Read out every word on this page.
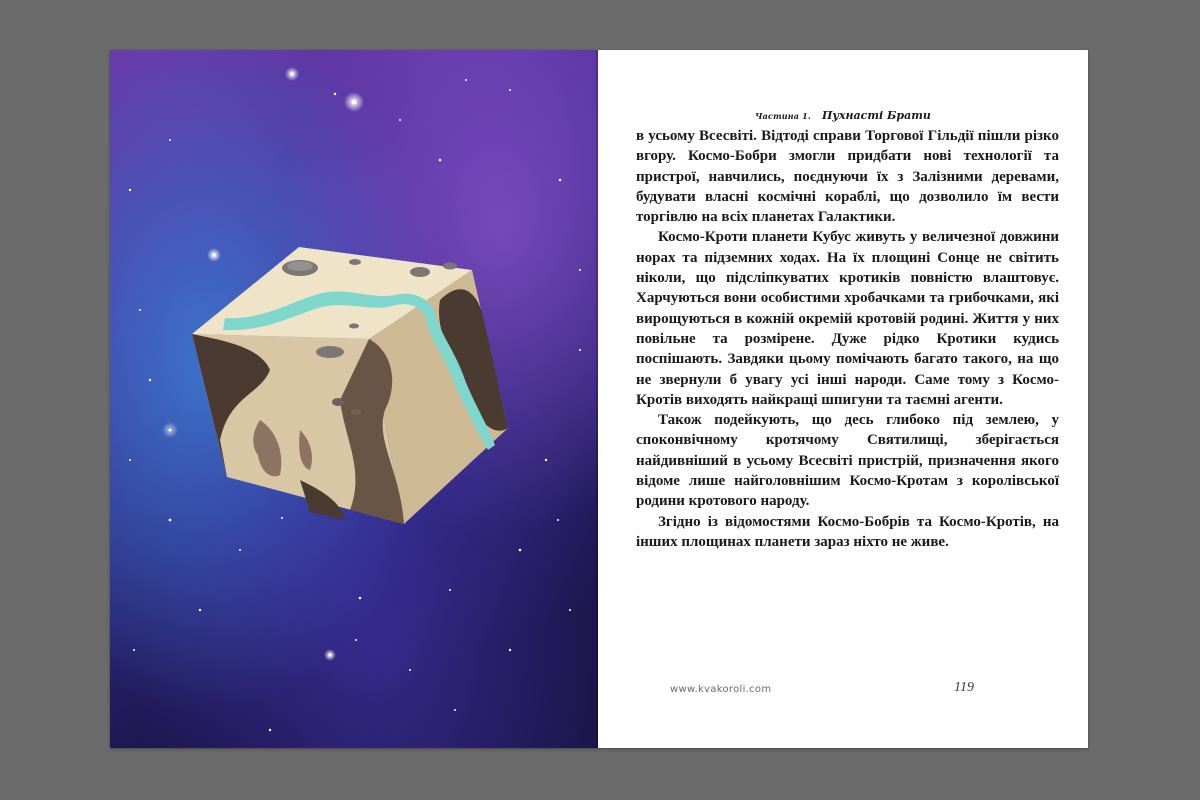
Частина 1. Пухнасті Брати

в усьому Всесвіті. Відтоді справи Торгової Гільдії пішли різко вгору. Космо-Бобри змогли придбати нові технології та пристрої, навчились, поєднуючи їх з Залізними деревами, будувати власні космічні кораблі, що дозволило їм вести торгівлю на всіх планетах Галактики.

Космо-Кроти планети Кубус живуть у величезної довжини норах та підземних ходах. На їх площині Сонце не світить ніколи, що підсліпкуватих кротиків повністю влаштовує. Харчуються вони особистими хробачками та грибочками, які вирощуються в кожній окремій кротовій родині. Життя у них повільне та розмірене. Дуже рідко Кротики кудись поспішають. Завдяки цьому помічають багато такого, на що не звернули б увагу усі інші народи. Саме тому з Космо-Кротів виходять найкращі шпигуни та таємні агенти.

Також подейкують, що десь глибоко під землею, у споконвічному кротячому Святилищі, зберігається найдивніший в усьому Всесвіті пристрій, призначення якого відоме лише найголовнішим Космо-Кротам з королівської родини кротового народу.

Згідно із відомостями Космо-Бобрів та Космо-Кротів, на інших площинах планети зараз ніхто не живе.

www.kvakoroli.com	119
